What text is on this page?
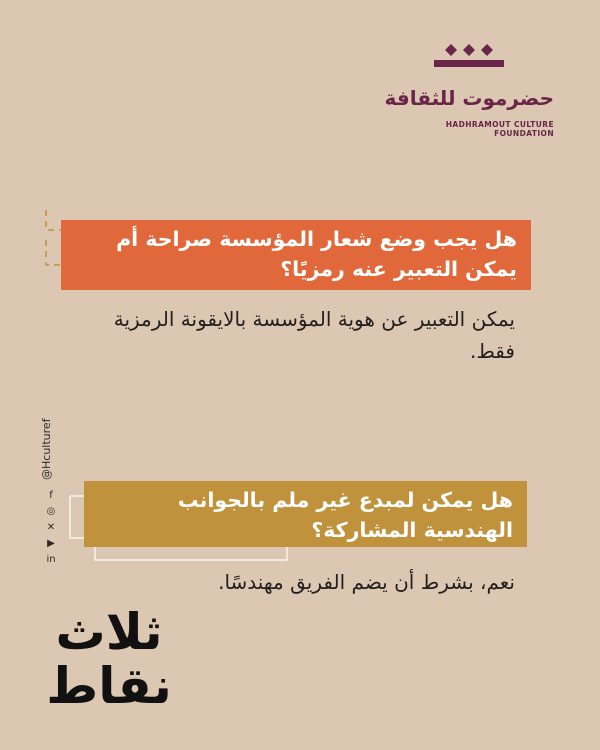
حضرموت للثقافة
HADHRAMOUT CULTURE FOUNDATION
هل يجب وضع شعار المؤسسة صراحة أم يمكن التعبير عنه رمزيًا؟
يمكن التعبير عن هوية المؤسسة بالايقونة الرمزية فقط.
هل يمكن لمبدع غير ملم بالجوانب الهندسية المشاركة؟
نعم، بشرط أن يضم الفريق مهندسًا.
@Hculturef
f
◎
✕
▶
in
ثلاث
نقاط
